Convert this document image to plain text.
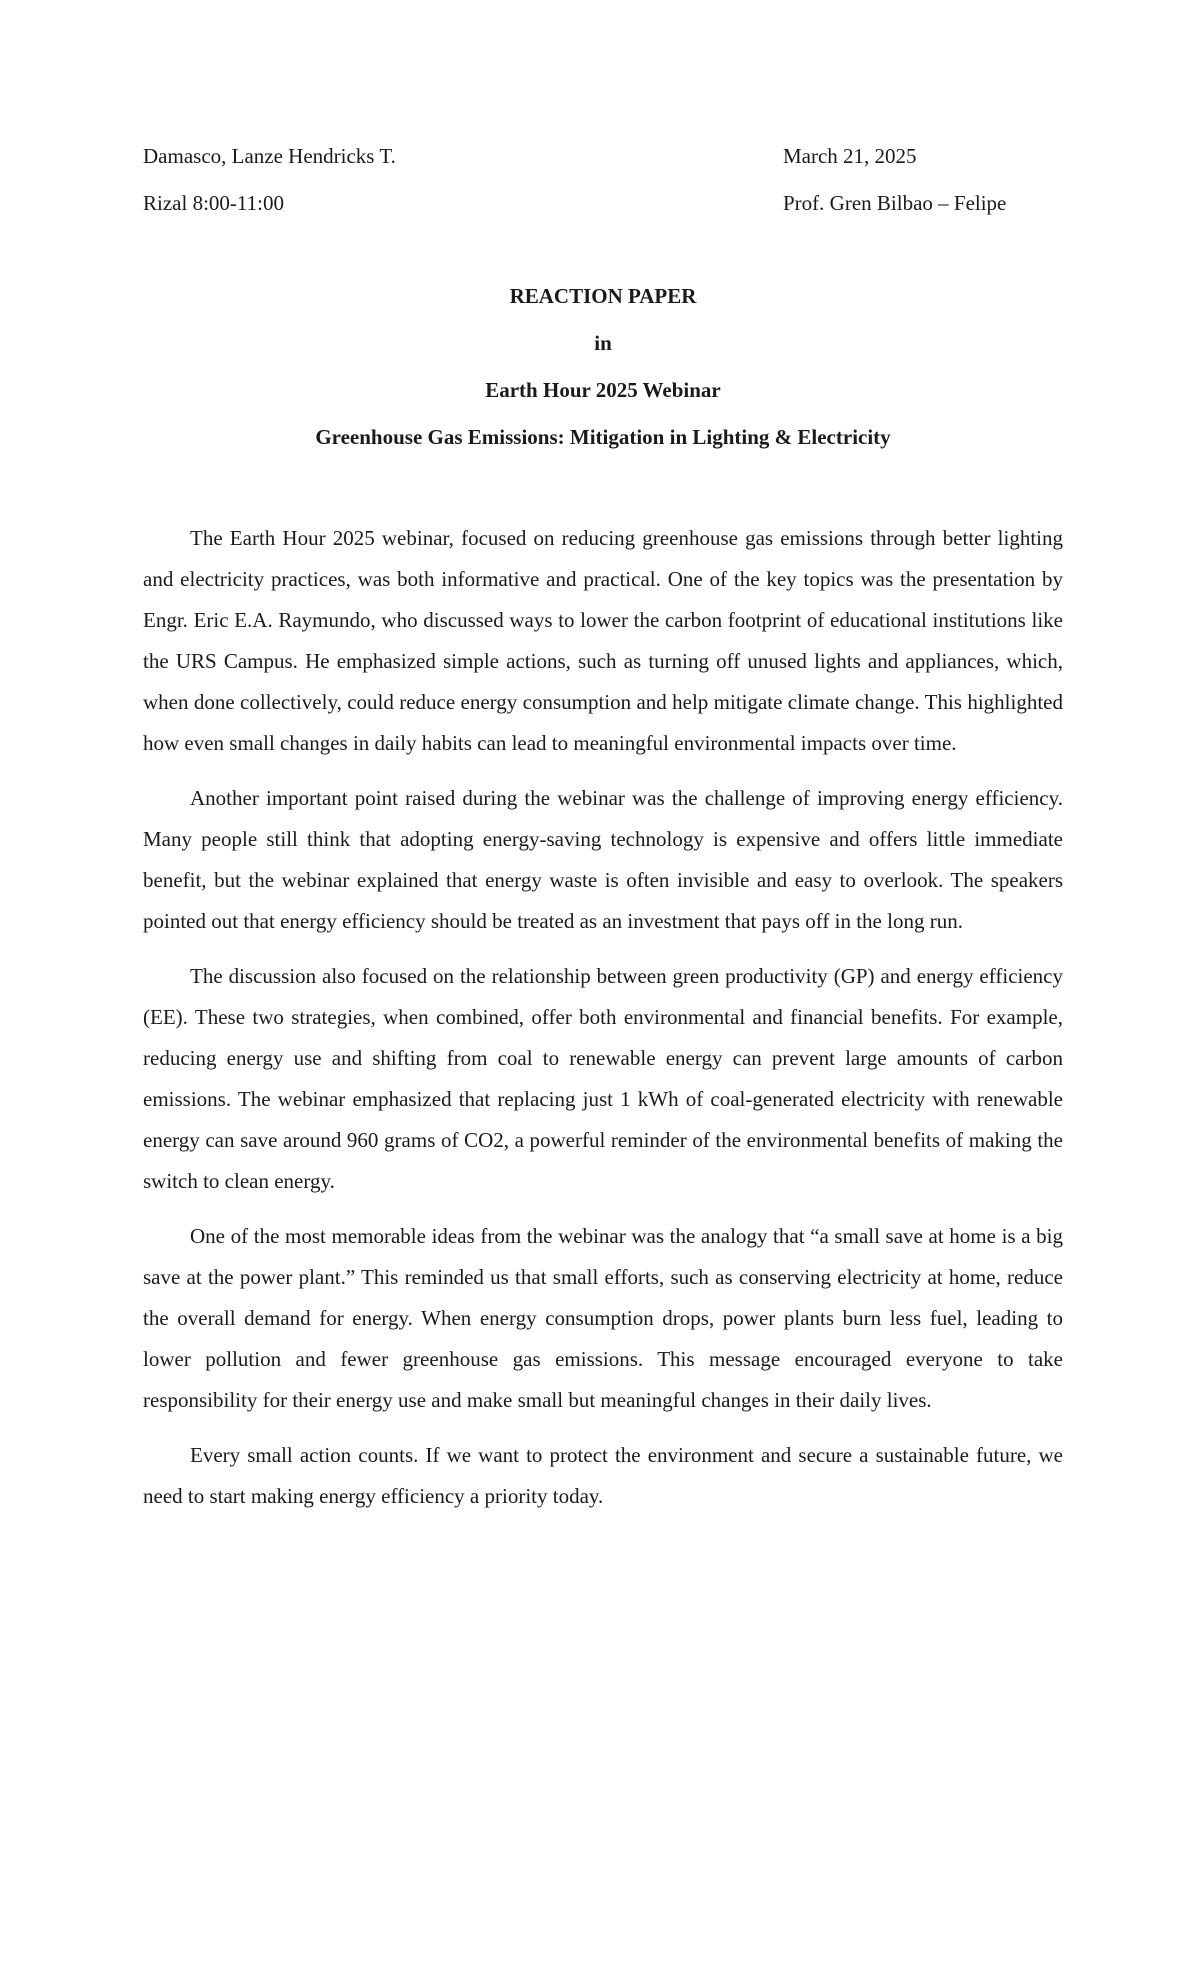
Damasco, Lanze Hendricks T.	March 21, 2025
Rizal 8:00-11:00	Prof. Gren Bilbao – Felipe
REACTION PAPER
in
Earth Hour 2025 Webinar
Greenhouse Gas Emissions: Mitigation in Lighting & Electricity

The Earth Hour 2025 webinar, focused on reducing greenhouse gas emissions through better lighting and electricity practices, was both informative and practical. One of the key topics was the presentation by Engr. Eric E.A. Raymundo, who discussed ways to lower the carbon footprint of educational institutions like the URS Campus. He emphasized simple actions, such as turning off unused lights and appliances, which, when done collectively, could reduce energy consumption and help mitigate climate change. This highlighted how even small changes in daily habits can lead to meaningful environmental impacts over time.

Another important point raised during the webinar was the challenge of improving energy efficiency. Many people still think that adopting energy-saving technology is expensive and offers little immediate benefit, but the webinar explained that energy waste is often invisible and easy to overlook. The speakers pointed out that energy efficiency should be treated as an investment that pays off in the long run.

The discussion also focused on the relationship between green productivity (GP) and energy efficiency (EE). These two strategies, when combined, offer both environmental and financial benefits. For example, reducing energy use and shifting from coal to renewable energy can prevent large amounts of carbon emissions. The webinar emphasized that replacing just 1 kWh of coal-generated electricity with renewable energy can save around 960 grams of CO2, a powerful reminder of the environmental benefits of making the switch to clean energy.

One of the most memorable ideas from the webinar was the analogy that “a small save at home is a big save at the power plant.” This reminded us that small efforts, such as conserving electricity at home, reduce the overall demand for energy. When energy consumption drops, power plants burn less fuel, leading to lower pollution and fewer greenhouse gas emissions. This message encouraged everyone to take responsibility for their energy use and make small but meaningful changes in their daily lives.

Every small action counts. If we want to protect the environment and secure a sustainable future, we need to start making energy efficiency a priority today.
